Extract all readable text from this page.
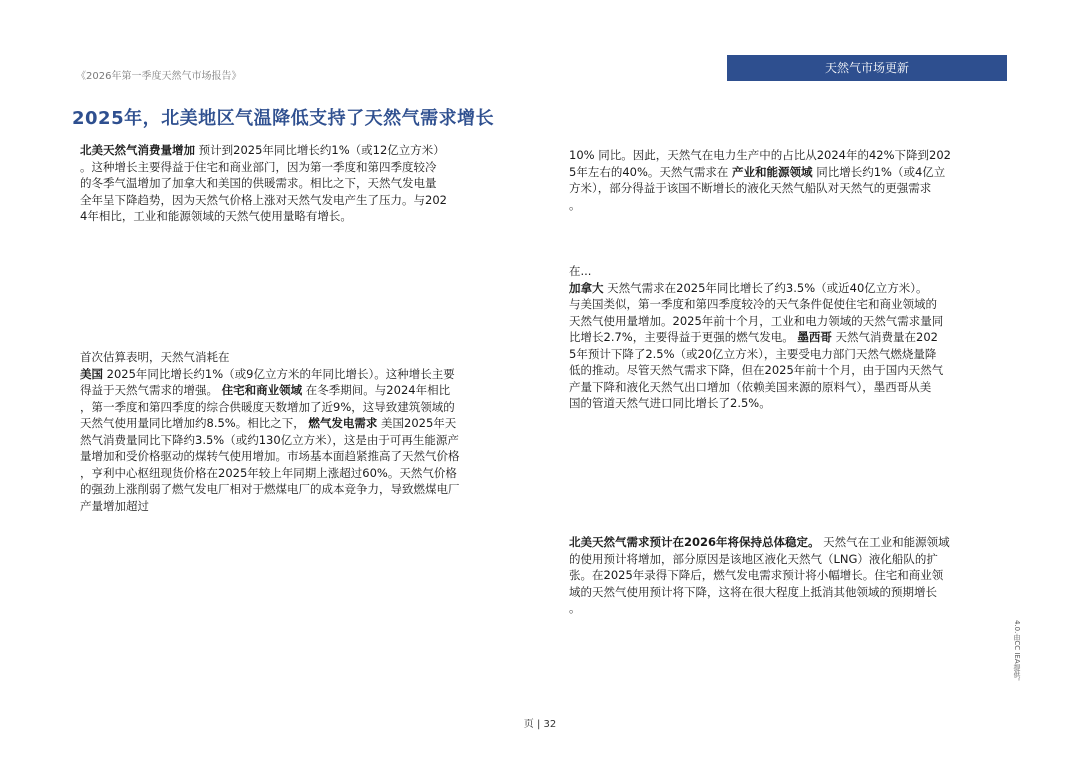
《2026年第一季度天然气市场报告》
天然气市场更新
2025年，北美地区气温降低支持了天然气需求增长
北美天然气消费量增加 预计到2025年同比增长约1%（或12亿立方米）
。这种增长主要得益于住宅和商业部门，因为第一季度和第四季度较冷
的冬季气温增加了加拿大和美国的供暖需求。相比之下，天然气发电量
全年呈下降趋势，因为天然气价格上涨对天然气发电产生了压力。与202
4年相比，工业和能源领域的天然气使用量略有增长。
首次估算表明，天然气消耗在
美国 2025年同比增长约1%（或9亿立方米的年同比增长）。这种增长主要
得益于天然气需求的增强。 住宅和商业领域 在冬季期间。与2024年相比
，第一季度和第四季度的综合供暖度天数增加了近9%，这导致建筑领域的
天然气使用量同比增加约8.5%。相比之下， 燃气发电需求 美国2025年天
然气消费量同比下降约3.5%（或约130亿立方米），这是由于可再生能源产
量增加和受价格驱动的煤转气使用增加。市场基本面趋紧推高了天然气价格
，亨利中心枢纽现货价格在2025年较上年同期上涨超过60%。天然气价格
的强劲上涨削弱了燃气发电厂相对于燃煤电厂的成本竞争力，导致燃煤电厂
产量增加超过
10% 同比。因此，天然气在电力生产中的占比从2024年的42%下降到202
5年左右的40%。天然气需求在 产业和能源领域 同比增长约1%（或4亿立
方米），部分得益于该国不断增长的液化天然气船队对天然气的更强需求
。
在...
加拿大 天然气需求在2025年同比增长了约3.5%（或近40亿立方米）。
与美国类似，第一季度和第四季度较冷的天气条件促使住宅和商业领域的
天然气使用量增加。2025年前十个月，工业和电力领域的天然气需求量同
比增长2.7%，主要得益于更强的燃气发电。 墨西哥 天然气消费量在202
5年预计下降了2.5%（或20亿立方米），主要受电力部门天然气燃烧量降
低的推动。尽管天然气需求下降，但在2025年前十个月，由于国内天然气
产量下降和液化天然气出口增加（依赖美国来源的原料气），墨西哥从美
国的管道天然气进口同比增长了2.5%。
北美天然气需求预计在2026年将保持总体稳定。 天然气在工业和能源领域
的使用预计将增加，部分原因是该地区液化天然气（LNG）液化船队的扩
张。在2025年录得下降后，燃气发电需求预计将小幅增长。住宅和商业领
域的天然气使用预计将下降，这将在很大程度上抵消其他领域的预期增长
。
4.0.由CC IEA提供。
页 | 32
